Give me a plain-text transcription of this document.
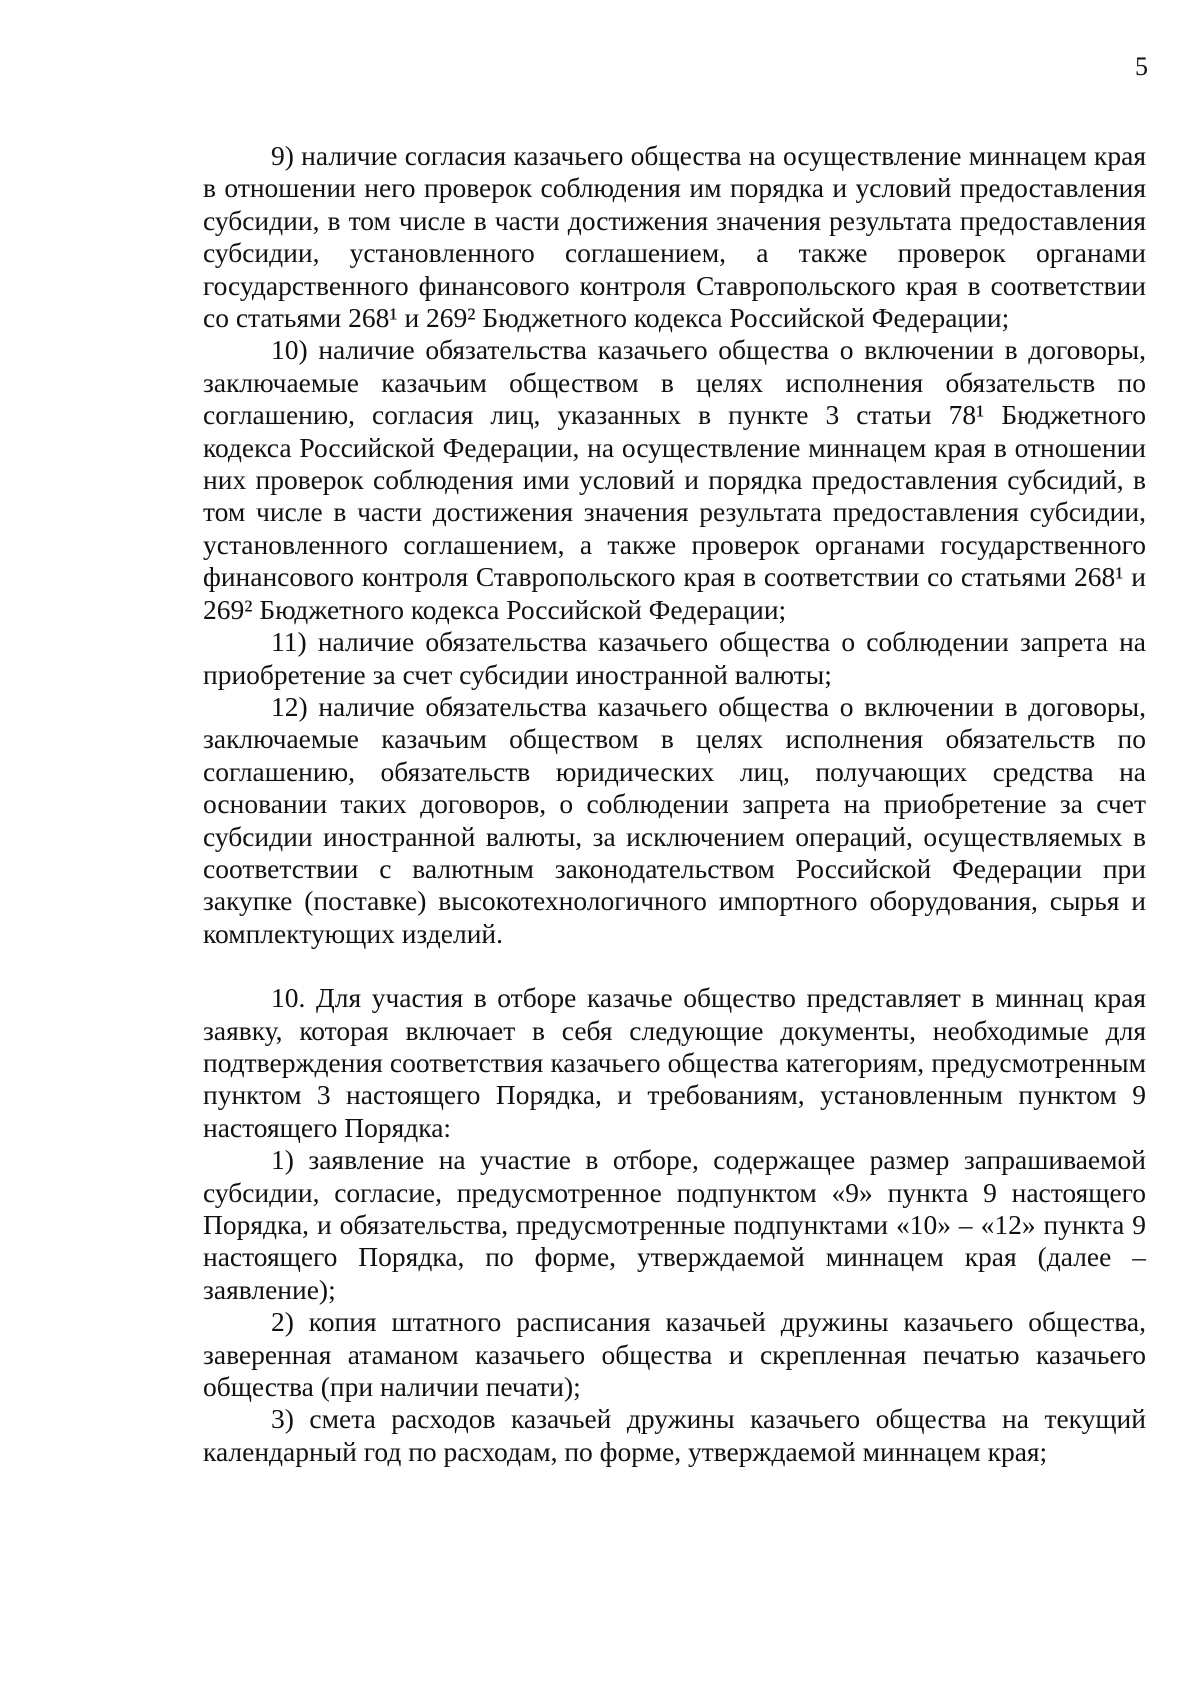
5

9) наличие согласия казачьего общества на осуществление миннацем края в отношении него проверок соблюдения им порядка и условий предоставления субсидии, в том числе в части достижения значения результата предоставления субсидии, установленного соглашением, а также проверок органами государственного финансового контроля Ставропольского края в соответствии со статьями 268¹ и 269² Бюджетного кодекса Российской Федерации;

10) наличие обязательства казачьего общества о включении в договоры, заключаемые казачьим обществом в целях исполнения обязательств по соглашению, согласия лиц, указанных в пункте 3 статьи 78¹ Бюджетного кодекса Российской Федерации, на осуществление миннацем края в отношении них проверок соблюдения ими условий и порядка предоставления субсидий, в том числе в части достижения значения результата предоставления субсидии, установленного соглашением, а также проверок органами государственного финансового контроля Ставропольского края в соответствии со статьями 268¹ и 269² Бюджетного кодекса Российской Федерации;

11) наличие обязательства казачьего общества о соблюдении запрета на приобретение за счет субсидии иностранной валюты;

12) наличие обязательства казачьего общества о включении в договоры, заключаемые казачьим обществом в целях исполнения обязательств по соглашению, обязательств юридических лиц, получающих средства на основании таких договоров, о соблюдении запрета на приобретение за счет субсидии иностранной валюты, за исключением операций, осуществляемых в соответствии с валютным законодательством Российской Федерации при закупке (поставке) высокотехнологичного импортного оборудования, сырья и комплектующих изделий.

10. Для участия в отборе казачье общество представляет в миннац края заявку, которая включает в себя следующие документы, необходимые для подтверждения соответствия казачьего общества категориям, предусмотренным пунктом 3 настоящего Порядка, и требованиям, установленным пунктом 9 настоящего Порядка:

1) заявление на участие в отборе, содержащее размер запрашиваемой субсидии, согласие, предусмотренное подпунктом «9» пункта 9 настоящего Порядка, и обязательства, предусмотренные подпунктами «10» – «12» пункта 9 настоящего Порядка, по форме, утверждаемой миннацем края (далее – заявление);

2) копия штатного расписания казачьей дружины казачьего общества, заверенная атаманом казачьего общества и скрепленная печатью казачьего общества (при наличии печати);

3) смета расходов казачьей дружины казачьего общества на текущий календарный год по расходам, по форме, утверждаемой миннацем края;
